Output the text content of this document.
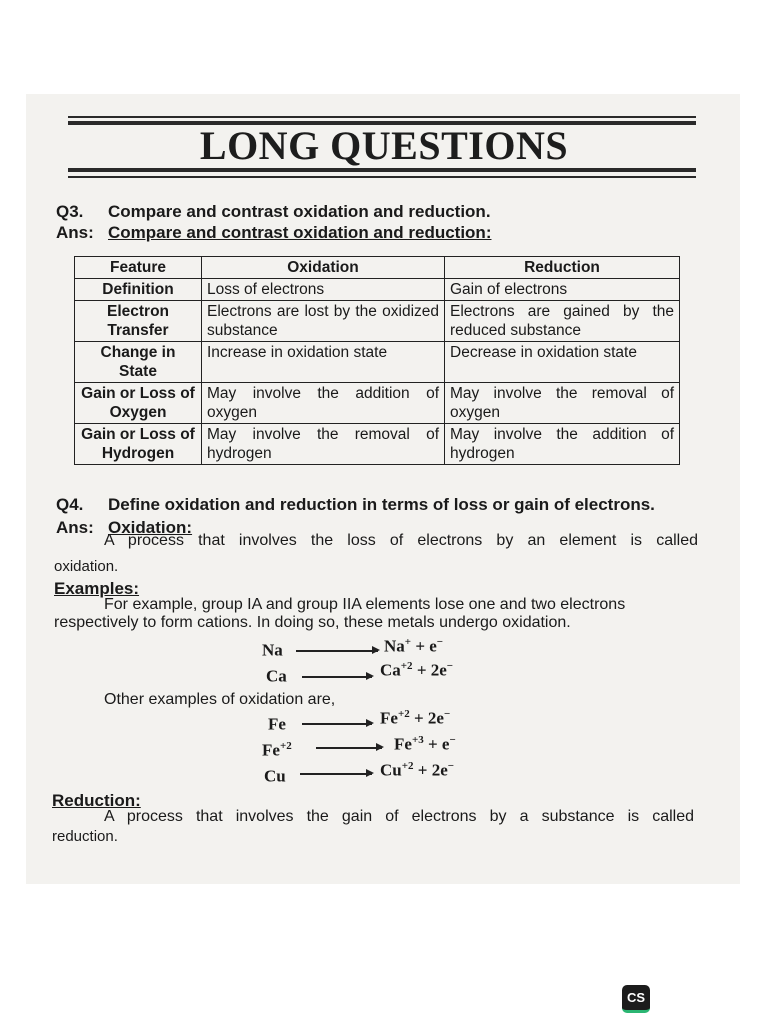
LONG QUESTIONS
Q3. Compare and contrast oxidation and reduction.
Ans: Compare and contrast oxidation and reduction:
Feature	Oxidation	Reduction
Definition	Loss of electrons	Gain of electrons
Electron Transfer	Electrons are lost by the oxidized substance	Electrons are gained by the reduced substance
Change in State	Increase in oxidation state	Decrease in oxidation state
Gain or Loss of Oxygen	May involve the addition of oxygen	May involve the removal of oxygen
Gain or Loss of Hydrogen	May involve the removal of hydrogen	May involve the addition of hydrogen
Q4. Define oxidation and reduction in terms of loss or gain of electrons.
Ans: Oxidation:
A process that involves the loss of electrons by an element is called
oxidation.
Examples:
For example, group IA and group IIA elements lose one and two electrons
respectively to form cations. In doing so, these metals undergo oxidation.
Na	Na+ + e−
Ca	$Ca^{+2} + 2e^-$
Other examples of oxidation are,
Fe	$Fe^{+2} + 2e^-$
$Fe^{+2}$	$Fe^{+3} + e^-$
Cu	$Cu^{+2} + 2e^-$
Reduction:
A process that involves the gain of electrons by a substance is called
reduction.
CS
